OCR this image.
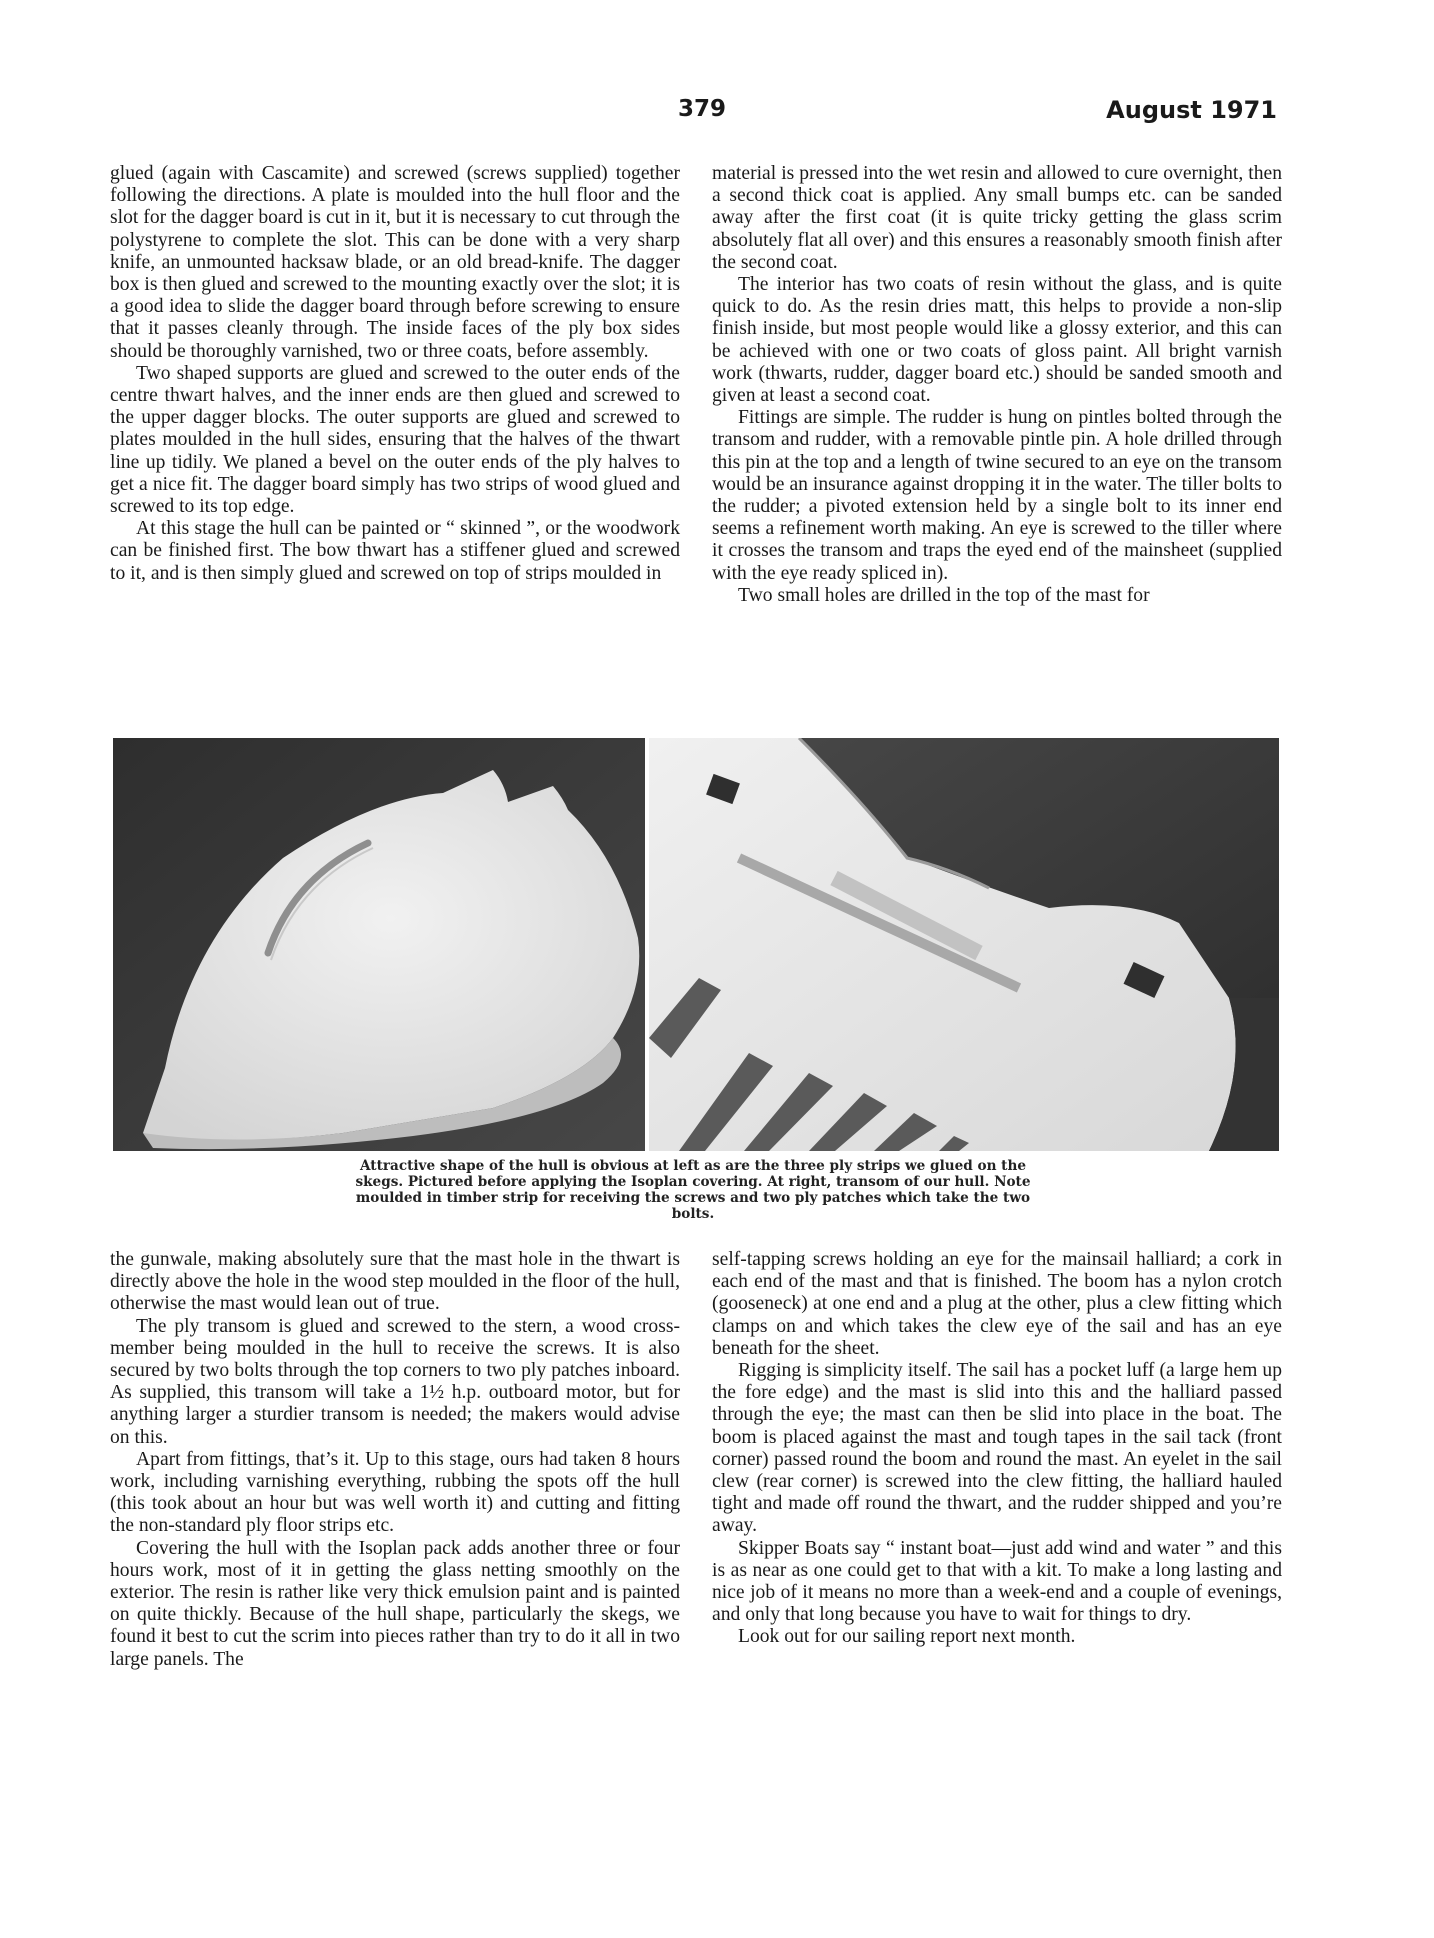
379	August 1971

glued (again with Cascamite) and screwed (screws supplied) together following the directions. A plate is moulded into the hull floor and the slot for the dagger board is cut in it, but it is necessary to cut through the polystyrene to complete the slot. This can be done with a very sharp knife, an unmounted hacksaw blade, or an old bread-knife. The dagger box is then glued and screwed to the mounting exactly over the slot; it is a good idea to slide the dagger board through before screwing to ensure that it passes cleanly through. The inside faces of the ply box sides should be thoroughly varnished, two or three coats, before assembly.

Two shaped supports are glued and screwed to the outer ends of the centre thwart halves, and the inner ends are then glued and screwed to the upper dagger blocks. The outer supports are glued and screwed to plates moulded in the hull sides, ensuring that the halves of the thwart line up tidily. We planed a bevel on the outer ends of the ply halves to get a nice fit. The dagger board simply has two strips of wood glued and screwed to its top edge.

At this stage the hull can be painted or “ skinned ”, or the woodwork can be finished first. The bow thwart has a stiffener glued and screwed to it, and is then simply glued and screwed on top of strips moulded in

material is pressed into the wet resin and allowed to cure overnight, then a second thick coat is applied. Any small bumps etc. can be sanded away after the first coat (it is quite tricky getting the glass scrim absolutely flat all over) and this ensures a reasonably smooth finish after the second coat.

The interior has two coats of resin without the glass, and is quite quick to do. As the resin dries matt, this helps to provide a non-slip finish inside, but most people would like a glossy exterior, and this can be achieved with one or two coats of gloss paint. All bright varnish work (thwarts, rudder, dagger board etc.) should be sanded smooth and given at least a second coat.

Fittings are simple. The rudder is hung on pintles bolted through the transom and rudder, with a removable pintle pin. A hole drilled through this pin at the top and a length of twine secured to an eye on the transom would be an insurance against dropping it in the water. The tiller bolts to the rudder; a pivoted extension held by a single bolt to its inner end seems a refinement worth making. An eye is screwed to the tiller where it crosses the transom and traps the eyed end of the mainsheet (supplied with the eye ready spliced in).

Two small holes are drilled in the top of the mast for

Attractive shape of the hull is obvious at left as are the three ply strips we glued on the skegs. Pictured before applying the Isoplan covering. At right, transom of our hull. Note moulded in timber strip for receiving the screws and two ply patches which take the two bolts.

the gunwale, making absolutely sure that the mast hole in the thwart is directly above the hole in the wood step moulded in the floor of the hull, otherwise the mast would lean out of true.

The ply transom is glued and screwed to the stern, a wood cross-member being moulded in the hull to receive the screws. It is also secured by two bolts through the top corners to two ply patches inboard. As supplied, this transom will take a 1½ h.p. outboard motor, but for anything larger a sturdier transom is needed; the makers would advise on this.

Apart from fittings, that’s it. Up to this stage, ours had taken 8 hours work, including varnishing everything, rubbing the spots off the hull (this took about an hour but was well worth it) and cutting and fitting the non-standard ply floor strips etc.

Covering the hull with the Isoplan pack adds another three or four hours work, most of it in getting the glass netting smoothly on the exterior. The resin is rather like very thick emulsion paint and is painted on quite thickly. Because of the hull shape, particularly the skegs, we found it best to cut the scrim into pieces rather than try to do it all in two large panels. The

self-tapping screws holding an eye for the mainsail halliard; a cork in each end of the mast and that is finished. The boom has a nylon crotch (gooseneck) at one end and a plug at the other, plus a clew fitting which clamps on and which takes the clew eye of the sail and has an eye beneath for the sheet.

Rigging is simplicity itself. The sail has a pocket luff (a large hem up the fore edge) and the mast is slid into this and the halliard passed through the eye; the mast can then be slid into place in the boat. The boom is placed against the mast and tough tapes in the sail tack (front corner) passed round the boom and round the mast. An eyelet in the sail clew (rear corner) is screwed into the clew fitting, the halliard hauled tight and made off round the thwart, and the rudder shipped and you’re away.

Skipper Boats say “ instant boat—just add wind and water ” and this is as near as one could get to that with a kit. To make a long lasting and nice job of it means no more than a week-end and a couple of evenings, and only that long because you have to wait for things to dry.

Look out for our sailing report next month.
